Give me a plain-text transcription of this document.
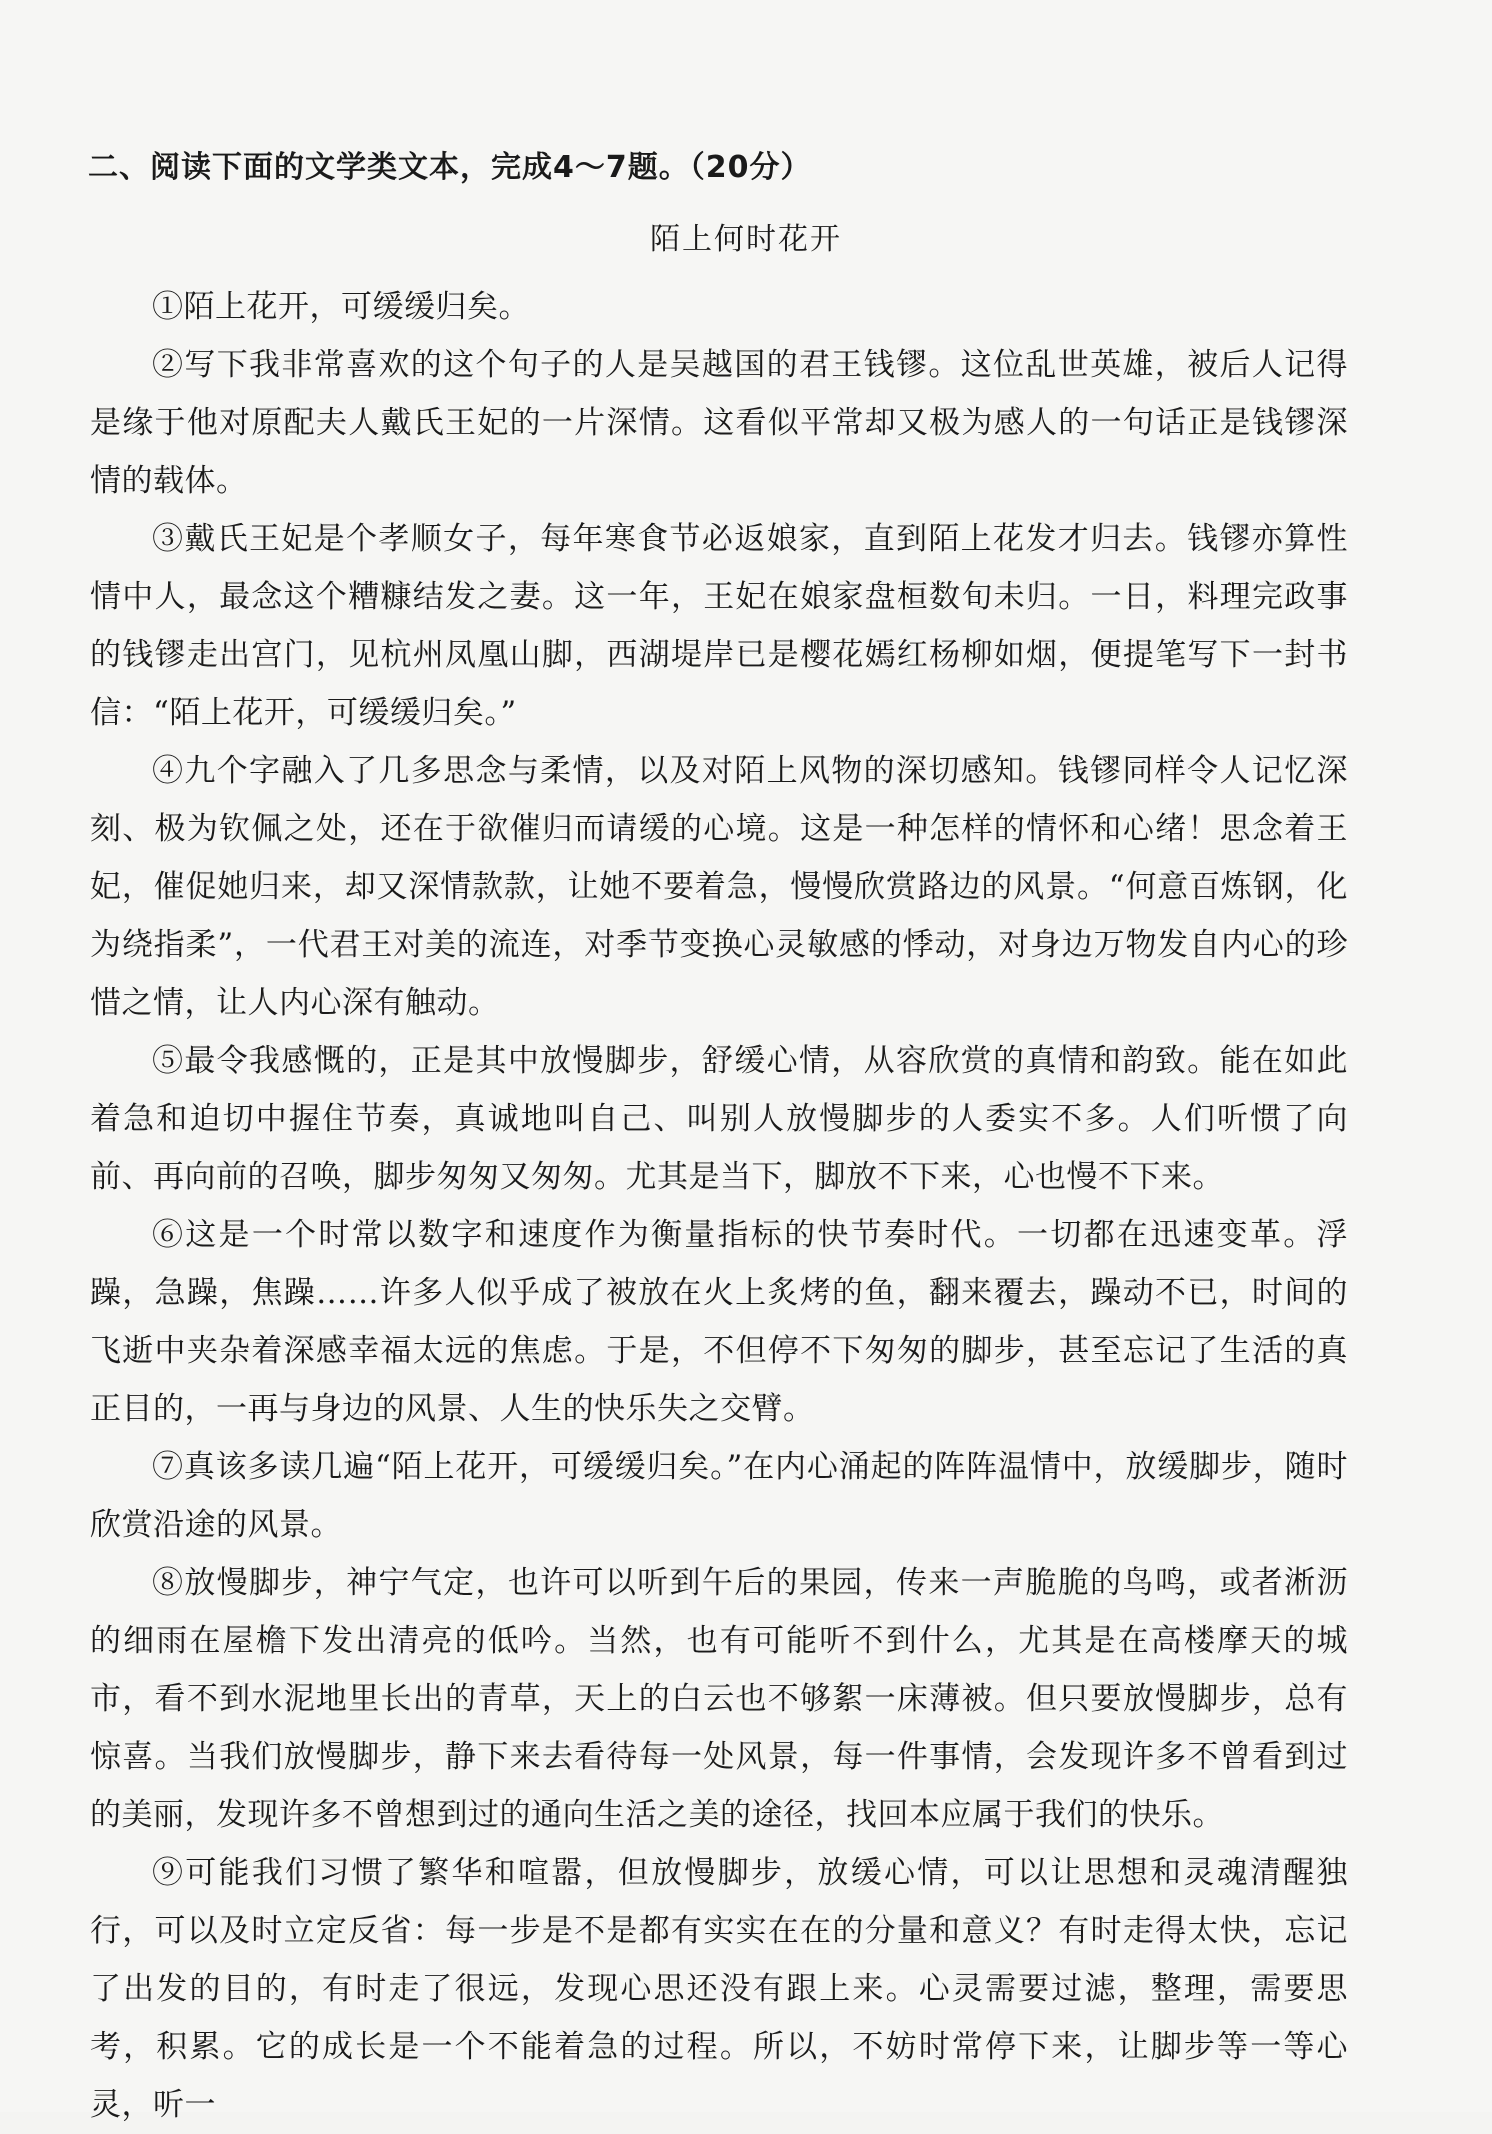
二、阅读下面的文学类文本，完成4～7题。（20分）
陌上何时花开

①陌上花开，可缓缓归矣。

②写下我非常喜欢的这个句子的人是吴越国的君王钱镠。这位乱世英雄，被后人记得是缘于他对原配夫人戴氏王妃的一片深情。这看似平常却又极为感人的一句话正是钱镠深情的载体。

③戴氏王妃是个孝顺女子，每年寒食节必返娘家，直到陌上花发才归去。钱镠亦算性情中人，最念这个糟糠结发之妻。这一年，王妃在娘家盘桓数旬未归。一日，料理完政事的钱镠走出宫门，见杭州凤凰山脚，西湖堤岸已是樱花嫣红杨柳如烟，便提笔写下一封书信：“陌上花开，可缓缓归矣。”

④九个字融入了几多思念与柔情，以及对陌上风物的深切感知。钱镠同样令人记忆深刻、极为钦佩之处，还在于欲催归而请缓的心境。这是一种怎样的情怀和心绪！思念着王妃，催促她归来，却又深情款款，让她不要着急，慢慢欣赏路边的风景。“何意百炼钢，化为绕指柔”，一代君王对美的流连，对季节变换心灵敏感的悸动，对身边万物发自内心的珍惜之情，让人内心深有触动。

⑤最令我感慨的，正是其中放慢脚步，舒缓心情，从容欣赏的真情和韵致。能在如此着急和迫切中握住节奏，真诚地叫自己、叫别人放慢脚步的人委实不多。人们听惯了向前、再向前的召唤，脚步匆匆又匆匆。尤其是当下，脚放不下来，心也慢不下来。

⑥这是一个时常以数字和速度作为衡量指标的快节奏时代。一切都在迅速变革。浮躁，急躁，焦躁……许多人似乎成了被放在火上炙烤的鱼，翻来覆去，躁动不已，时间的飞逝中夹杂着深感幸福太远的焦虑。于是，不但停不下匆匆的脚步，甚至忘记了生活的真正目的，一再与身边的风景、人生的快乐失之交臂。

⑦真该多读几遍“陌上花开，可缓缓归矣。”在内心涌起的阵阵温情中，放缓脚步，随时欣赏沿途的风景。

⑧放慢脚步，神宁气定，也许可以听到午后的果园，传来一声脆脆的鸟鸣，或者淅沥的细雨在屋檐下发出清亮的低吟。当然，也有可能听不到什么，尤其是在高楼摩天的城市，看不到水泥地里长出的青草，天上的白云也不够絮一床薄被。但只要放慢脚步，总有惊喜。当我们放慢脚步，静下来去看待每一处风景，每一件事情，会发现许多不曾看到过的美丽，发现许多不曾想到过的通向生活之美的途径，找回本应属于我们的快乐。

⑨可能我们习惯了繁华和喧嚣，但放慢脚步，放缓心情，可以让思想和灵魂清醒独行，可以及时立定反省：每一步是不是都有实实在在的分量和意义？有时走得太快，忘记了出发的目的，有时走了很远，发现心思还没有跟上来。心灵需要过滤，整理，需要思考，积累。它的成长是一个不能着急的过程。所以，不妨时常停下来，让脚步等一等心灵，听一
